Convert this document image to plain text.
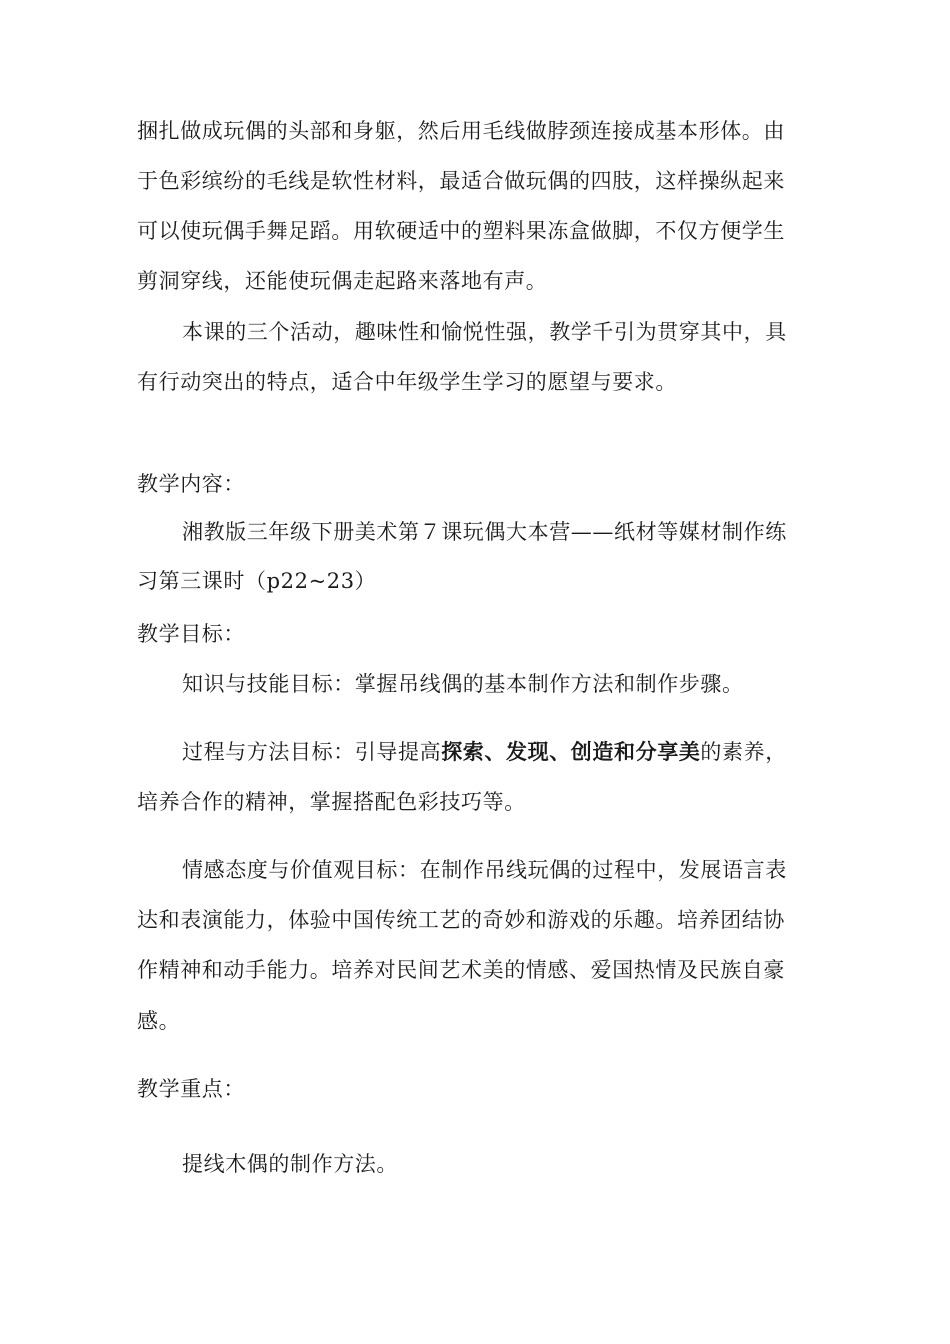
捆扎做成玩偶的头部和身躯，然后用毛线做脖颈连接成基本形体。由

于色彩缤纷的毛线是软性材料，最适合做玩偶的四肢，这样操纵起来

可以使玩偶手舞足蹈。用软硬适中的塑料果冻盒做脚，不仅方便学生

剪洞穿线，还能使玩偶走起路来落地有声。

本课的三个活动，趣味性和愉悦性强，教学千引为贯穿其中，具

有行动突出的特点，适合中年级学生学习的愿望与要求。

教学内容：

湘教版三年级下册美术第７课玩偶大本营——纸材等媒材制作练

习第三课时（p22~23）

教学目标：

知识与技能目标：掌握吊线偶的基本制作方法和制作步骤。

过程与方法目标：引导提高探索、发现、创造和分享美的素养，

培养合作的精神，掌握搭配色彩技巧等。

情感态度与价值观目标：在制作吊线玩偶的过程中，发展语言表

达和表演能力，体验中国传统工艺的奇妙和游戏的乐趣。培养团结协

作精神和动手能力。培养对民间艺术美的情感、爱国热情及民族自豪

感。

教学重点：

提线木偶的制作方法。
